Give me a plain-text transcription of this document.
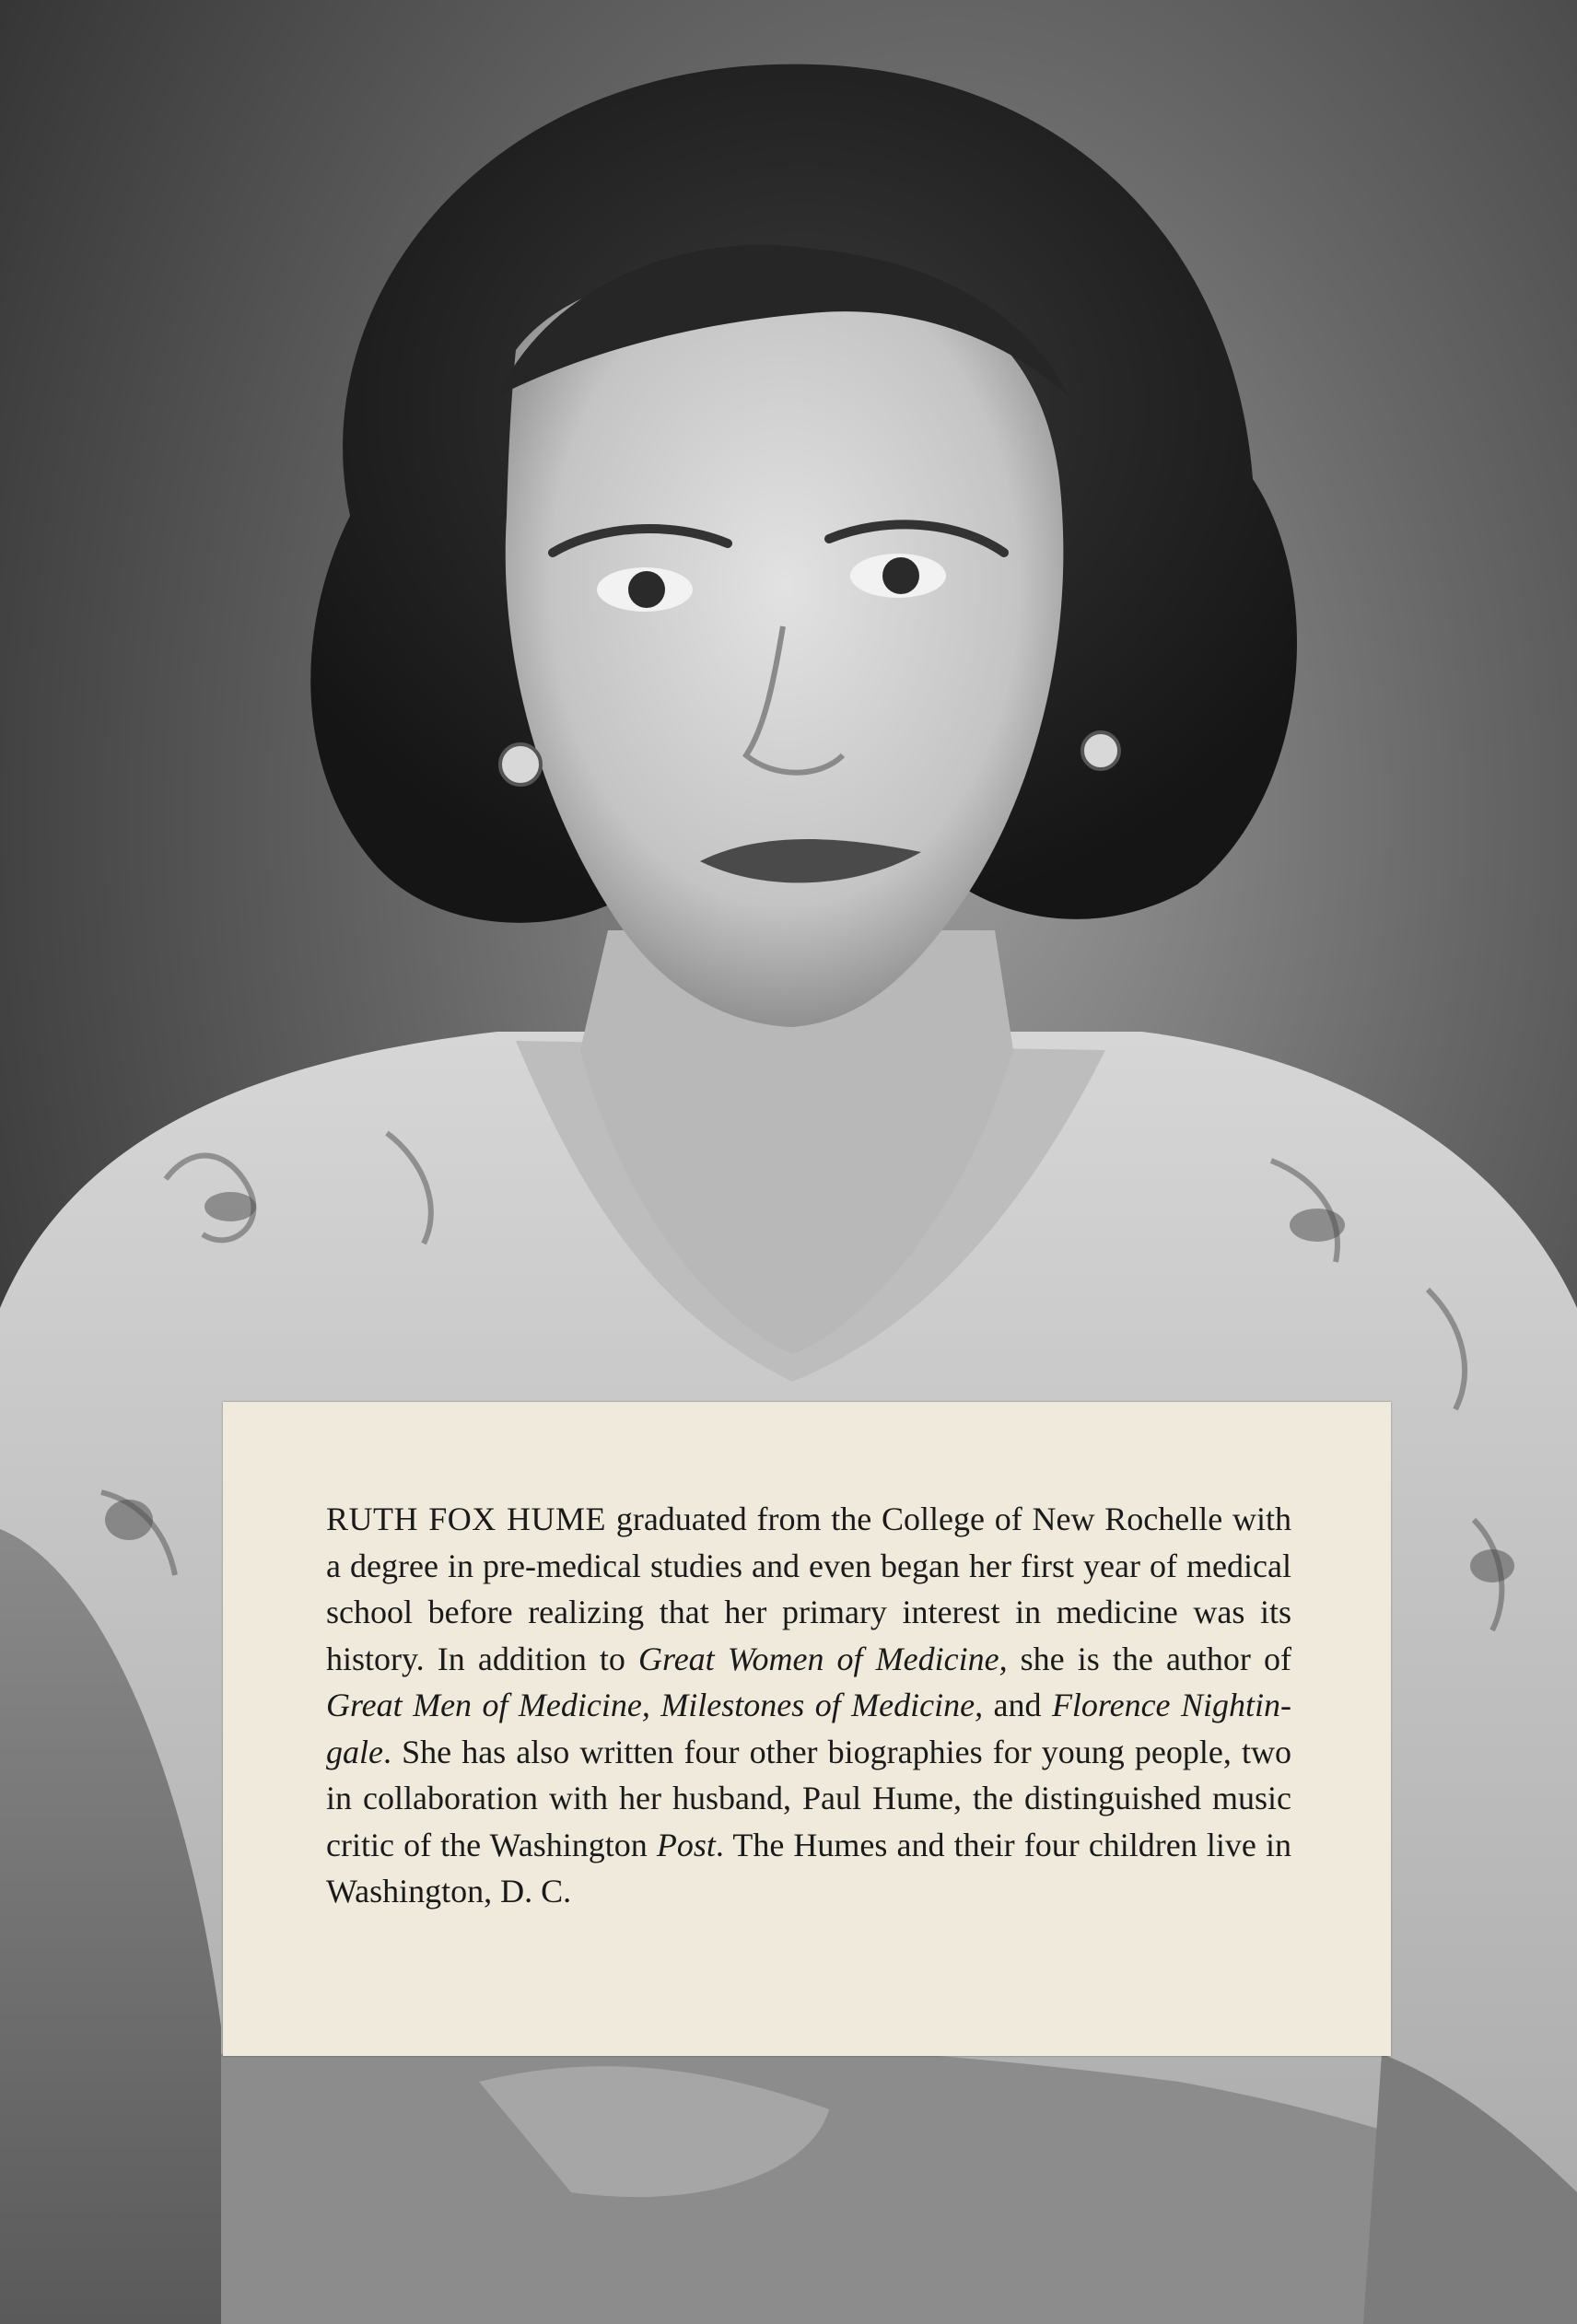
RUTH FOX HUME graduated from the College of New Rochelle with a degree in pre-medical studies and even began her first year of medical school before realizing that her primary interest in medicine was its history. In addition to Great Women of Medicine, she is the author of Great Men of Medicine, Milestones of Medicine, and Florence Nightingale. She has also written four other biographies for young people, two in collaboration with her husband, Paul Hume, the distinguished music critic of the Washington Post. The Humes and their four children live in Washington, D. C.
